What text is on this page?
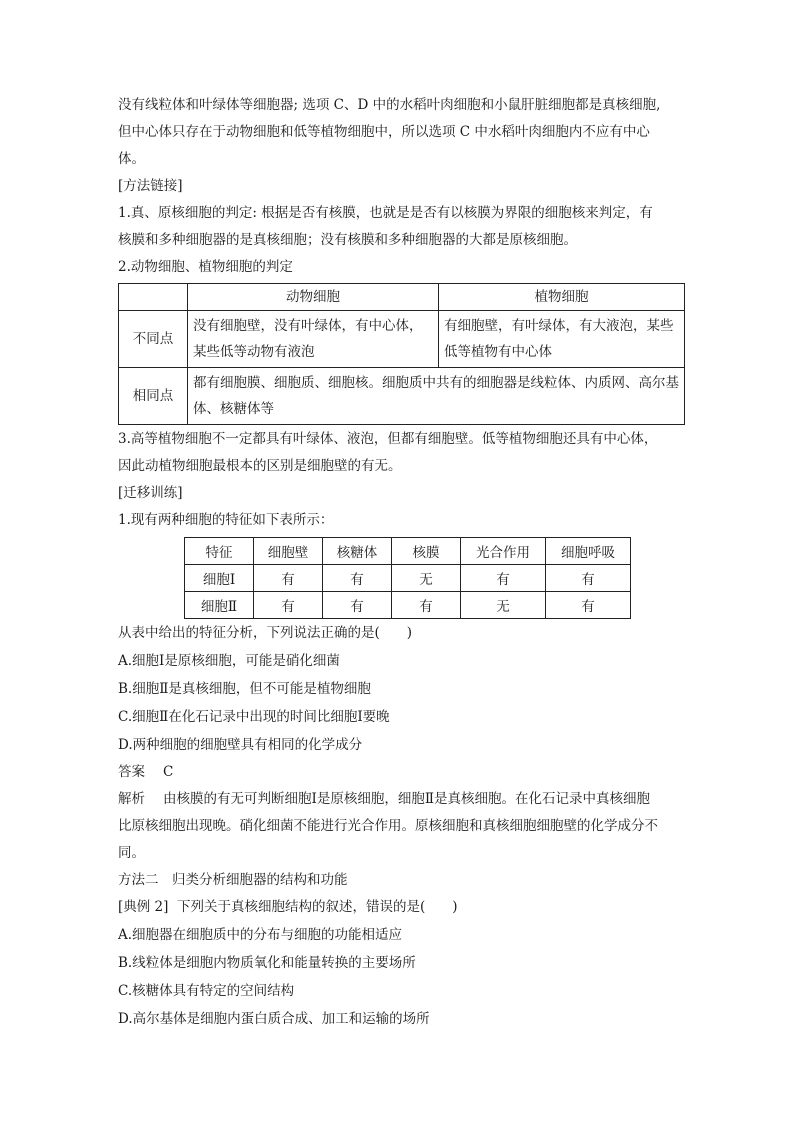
没有线粒体和叶绿体等细胞器; 选项 C、D 中的水稻叶肉细胞和小鼠肝脏细胞都是真核细胞,

但中心体只存在于动物细胞和低等植物细胞中，所以选项 C 中水稻叶肉细胞内不应有中心

体。

[方法链接]

1.真、原核细胞的判定: 根据是否有核膜，也就是是否有以核膜为界限的细胞核来判定，有

核膜和多种细胞器的是真核细胞；没有核膜和多种细胞器的大都是原核细胞。

2.动物细胞、植物细胞的判定

	动物细胞	植物细胞
不同点	没有细胞壁，没有叶绿体，有中心体，某些低等动物有液泡	有细胞壁，有叶绿体，有大液泡，某些低等植物有中心体
相同点	都有细胞膜、细胞质、细胞核。细胞质中共有的细胞器是线粒体、内质网、高尔基体、核糖体等	

3.高等植物细胞不一定都具有叶绿体、液泡，但都有细胞壁。低等植物细胞还具有中心体，

因此动植物细胞最根本的区别是细胞壁的有无。

[迁移训练]

1.现有两种细胞的特征如下表所示：

特征	细胞壁	核糖体	核膜	光合作用	细胞呼吸
细胞Ⅰ	有	有	无	有	有
细胞Ⅱ	有	有	有	无	有

从表中给出的特征分析，下列说法正确的是(　　)

A.细胞Ⅰ是原核细胞，可能是硝化细菌

B.细胞Ⅱ是真核细胞，但不可能是植物细胞

C.细胞Ⅱ在化石记录中出现的时间比细胞Ⅰ要晚

D.两种细胞的细胞壁具有相同的化学成分

答案 C

解析 由核膜的有无可判断细胞Ⅰ是原核细胞，细胞Ⅱ是真核细胞。在化石记录中真核细胞

比原核细胞出现晚。硝化细菌不能进行光合作用。原核细胞和真核细胞细胞壁的化学成分不

同。

方法二　归类分析细胞器的结构和功能

[典例 2] 下列关于真核细胞结构的叙述，错误的是(　　)

A.细胞器在细胞质中的分布与细胞的功能相适应

B.线粒体是细胞内物质氧化和能量转换的主要场所

C.核糖体具有特定的空间结构

D.高尔基体是细胞内蛋白质合成、加工和运输的场所
